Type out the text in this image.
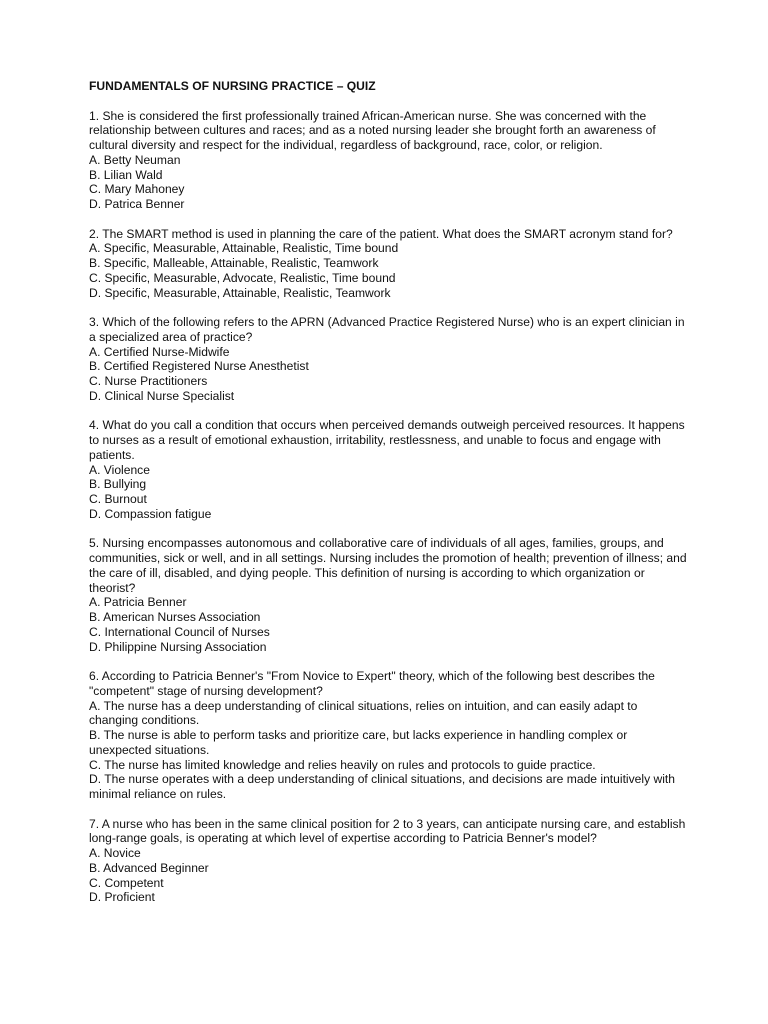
FUNDAMENTALS OF NURSING PRACTICE – QUIZ

1. She is considered the first professionally trained African-American nurse. She was concerned with the relationship between cultures and races; and as a noted nursing leader she brought forth an awareness of cultural diversity and respect for the individual, regardless of background, race, color, or religion.

A. Betty Neuman

B. Lilian Wald

C. Mary Mahoney

D. Patrica Benner

2. The SMART method is used in planning the care of the patient. What does the SMART acronym stand for?

A. Specific, Measurable, Attainable, Realistic, Time bound

B. Specific, Malleable, Attainable, Realistic, Teamwork

C. Specific, Measurable, Advocate, Realistic, Time bound

D. Specific, Measurable, Attainable, Realistic, Teamwork

3. Which of the following refers to the APRN (Advanced Practice Registered Nurse) who is an expert clinician in a specialized area of practice?

A. Certified Nurse-Midwife

B. Certified Registered Nurse Anesthetist

C. Nurse Practitioners

D. Clinical Nurse Specialist

4. What do you call a condition that occurs when perceived demands outweigh perceived resources. It happens to nurses as a result of emotional exhaustion, irritability, restlessness, and unable to focus and engage with patients.

A. Violence

B. Bullying

C. Burnout

D. Compassion fatigue

5. Nursing encompasses autonomous and collaborative care of individuals of all ages, families, groups, and communities, sick or well, and in all settings. Nursing includes the promotion of health; prevention of illness; and the care of ill, disabled, and dying people. This definition of nursing is according to which organization or theorist?

A. Patricia Benner

B. American Nurses Association

C. International Council of Nurses

D. Philippine Nursing Association

6. According to Patricia Benner's "From Novice to Expert" theory, which of the following best describes the "competent" stage of nursing development?

A. The nurse has a deep understanding of clinical situations, relies on intuition, and can easily adapt to changing conditions.

B. The nurse is able to perform tasks and prioritize care, but lacks experience in handling complex or unexpected situations.

C. The nurse has limited knowledge and relies heavily on rules and protocols to guide practice.

D. The nurse operates with a deep understanding of clinical situations, and decisions are made intuitively with minimal reliance on rules.

7. A nurse who has been in the same clinical position for 2 to 3 years, can anticipate nursing care, and establish long-range goals, is operating at which level of expertise according to Patricia Benner's model?

A. Novice

B. Advanced Beginner

C. Competent

D. Proficient
